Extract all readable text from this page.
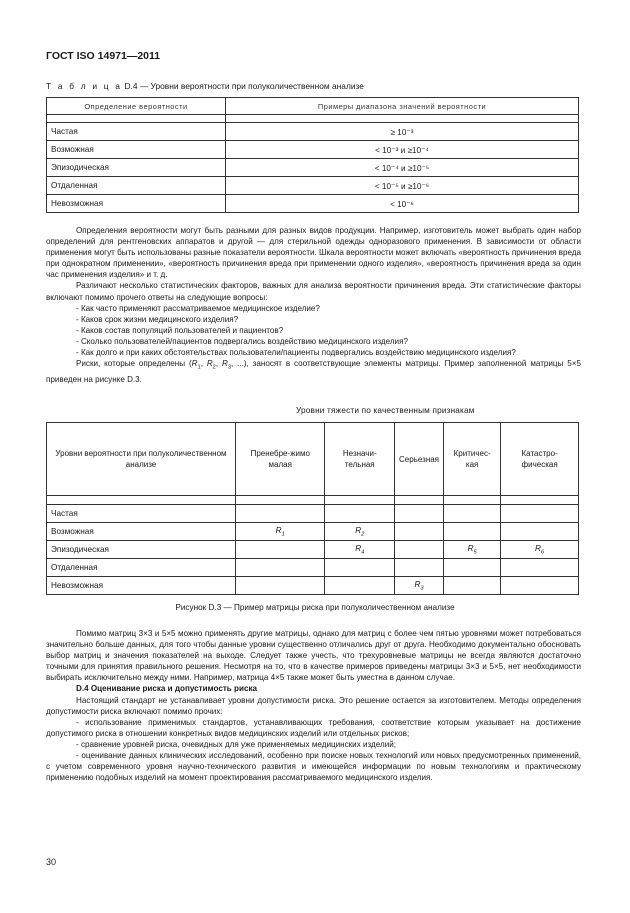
ГОСТ ISO 14971—2011
Т а б л и ц а D.4 — Уровни вероятности при полуколичественном анализе
Определение вероятности	Примеры диапазона значений вероятности

Частая	≥ 10⁻³
Возможная	< 10⁻³ и ≥10⁻⁴
Эпизодическая	< 10⁻⁴ и ≥10⁻⁵
Отдаленная	< 10⁻⁵ и ≥10⁻⁶
Невозможная	< 10⁻⁶

Определения вероятности могут быть разными для разных видов продукции. Например, изготовитель может выбрать один набор определений для рентгеновских аппаратов и другой — для стерильной одежды одноразового применения. В зависимости от области применения могут быть использованы разные показатели вероятности. Шкала вероятности может включать «вероятность причинения вреда при однократном применении», «вероятность причинения вреда при применении одного изделия», «вероятность причинения вреда за один час применения изделия» и т. д.

Различают несколько статистических факторов, важных для анализа вероятности причинения вреда. Эти статистические факторы включают помимо прочего ответы на следующие вопросы:

- Как часто применяют рассматриваемое медицинское изделие?

- Каков срок жизни медицинского изделия?

- Каков состав популяций пользователей и пациентов?

- Сколько пользователей/пациентов подвергались воздействию медицинского изделия?

- Как долго и при каких обстоятельствах пользователи/пациенты подвергались воздействию медицинского изделия?

Риски, которые определены ($R_1$, $R_2$, $R_3$, ...), заносят в соответствующие элементы матрицы. Пример заполненной матрицы 5×5 приведен на рисунке D.3.

Уровни тяжести по качественным признакам
Уровни вероятности при полуколичественном анализе	Пренебре-жимо малая	Незначи-тельная	Серьезная	Критичес-кая	Катастро-фическая

Частая					
Возможная	$R_1$	$R_2$			
Эпизодическая		$R_4$		$R_5$	$R_6$
Отдаленная					
Невозможная			$R_3$		
Рисунок D.3 — Пример матрицы риска при полуколичественном анализе

Помимо матриц 3×3 и 5×5 можно применять другие матрицы, однако для матриц с более чем пятью уровнями может потребоваться значительно больше данных, для того чтобы данные уровни существенно отличались друг от друга. Необходимо документально обосновать выбор матриц и значения показателей на выходе. Следует также учесть, что трехуровневые матрицы не всегда являются достаточно точными для принятия правильного решения. Несмотря на то, что в качестве примеров приведены матрицы 3×3 и 5×5, нет необходимости выбирать исключительно между ними. Например, матрица 4×5 также может быть уместна в данном случае.

D.4 Оценивание риска и допустимость риска

Настоящий стандарт не устанавливает уровни допустимости риска. Это решение остается за изготовителем. Методы определения допустимости риска включают помимо прочих:

- использование применимых стандартов, устанавливающих требования, соответствие которым указывает на достижение допустимого риска в отношении конкретных видов медицинских изделий или отдельных рисков;

- сравнение уровней риска, очевидных для уже применяемых медицинских изделий;

- оценивание данных клинических исследований, особенно при поиске новых технологий или новых предусмотренных применений, с учетом современного уровня научно-технического развития и имеющейся информации по новым технологиям и практическому применению подобных изделий на момент проектирования рассматриваемого медицинского изделия.

30
